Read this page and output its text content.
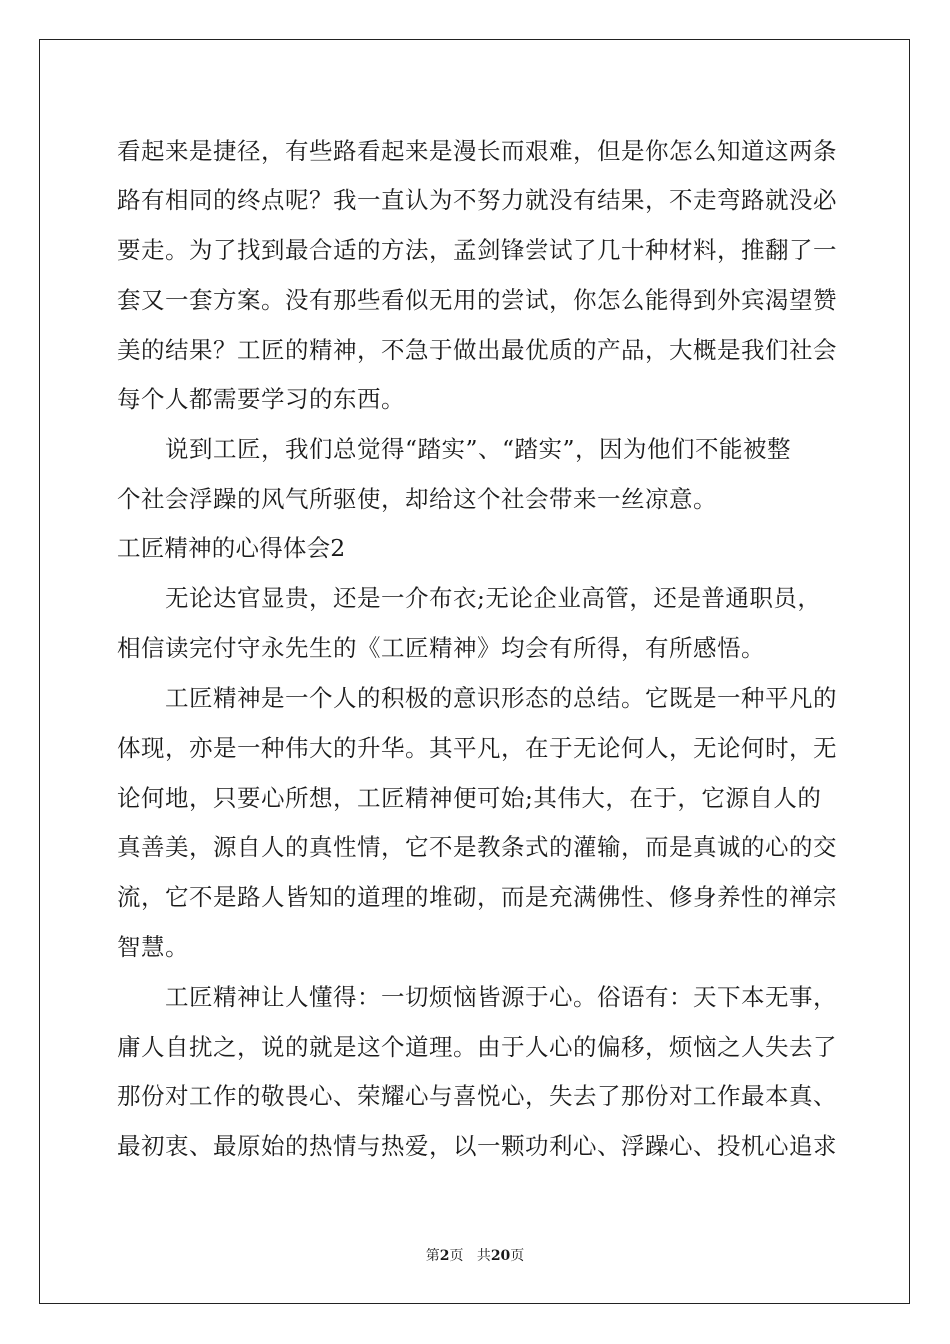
看起来是捷径，有些路看起来是漫长而艰难，但是你怎么知道这两条
路有相同的终点呢？我一直认为不努力就没有结果，不走弯路就没必
要走。为了找到最合适的方法，孟剑锋尝试了几十种材料，推翻了一
套又一套方案。没有那些看似无用的尝试，你怎么能得到外宾渴望赞
美的结果？工匠的精神，不急于做出最优质的产品，大概是我们社会
每个人都需要学习的东西。
说到工匠，我们总觉得“踏实”、“踏实”，因为他们不能被整
个社会浮躁的风气所驱使，却给这个社会带来一丝凉意。
工匠精神的心得体会2
无论达官显贵，还是一介布衣;无论企业高管，还是普通职员，
相信读完付守永先生的《工匠精神》均会有所得，有所感悟。
工匠精神是一个人的积极的意识形态的总结。它既是一种平凡的
体现，亦是一种伟大的升华。其平凡，在于无论何人，无论何时，无
论何地，只要心所想，工匠精神便可始;其伟大，在于，它源自人的
真善美，源自人的真性情，它不是教条式的灌输，而是真诚的心的交
流，它不是路人皆知的道理的堆砌，而是充满佛性、修身养性的禅宗
智慧。
工匠精神让人懂得：一切烦恼皆源于心。俗语有：天下本无事，
庸人自扰之，说的就是这个道理。由于人心的偏移，烦恼之人失去了
那份对工作的敬畏心、荣耀心与喜悦心，失去了那份对工作最本真、
最初衷、最原始的热情与热爱，以一颗功利心、浮躁心、投机心追求
第2页 共20页
